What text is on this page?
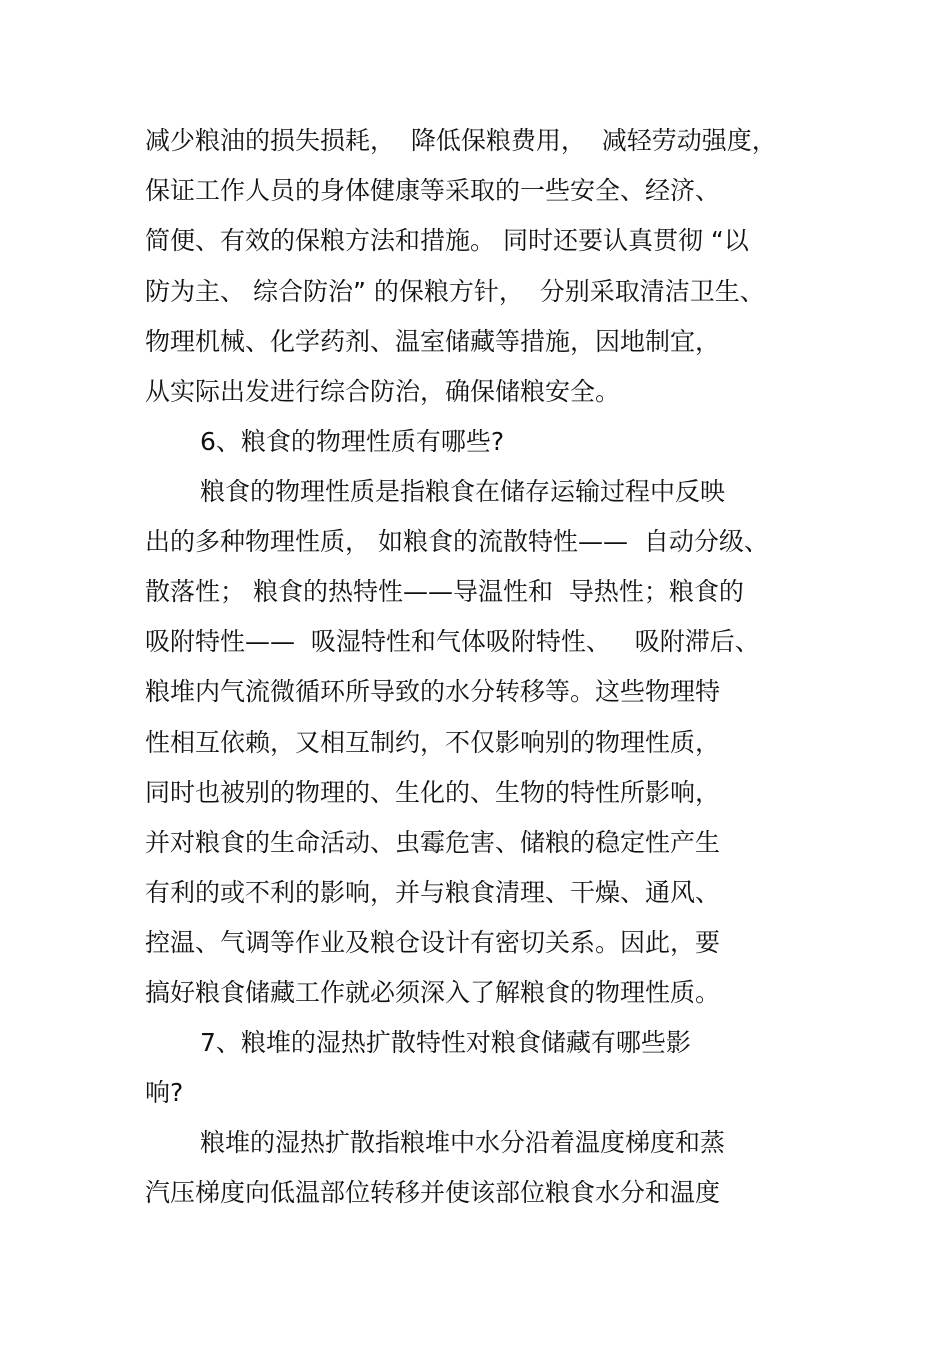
减少粮油的损失损耗，  降低保粮费用，  减轻劳动强度，
保证工作人员的身体健康等采取的一些安全、经济、
简便、有效的保粮方法和措施。 同时还要认真贯彻 “以
防为主、 综合防治” 的保粮方针，  分别采取清洁卫生、
物理机械、化学药剂、温室储藏等措施，因地制宜，
从实际出发进行综合防治，确保储粮安全。
6、粮食的物理性质有哪些?
粮食的物理性质是指粮食在储存运输过程中反映
出的多种物理性质， 如粮食的流散特性——  自动分级、
散落性； 粮食的热特性——导温性和  导热性；粮食的
吸附特性——  吸湿特性和气体吸附特性、   吸附滞后、
粮堆内气流微循环所导致的水分转移等。这些物理特
性相互依赖，又相互制约，不仅影响别的物理性质，
同时也被别的物理的、生化的、生物的特性所影响，
并对粮食的生命活动、虫霉危害、储粮的稳定性产生
有利的或不利的影响，并与粮食清理、干燥、通风、
控温、气调等作业及粮仓设计有密切关系。因此，要
搞好粮食储藏工作就必须深入了解粮食的物理性质。
7、粮堆的湿热扩散特性对粮食储藏有哪些影
响?
粮堆的湿热扩散指粮堆中水分沿着温度梯度和蒸
汽压梯度向低温部位转移并使该部位粮食水分和温度
